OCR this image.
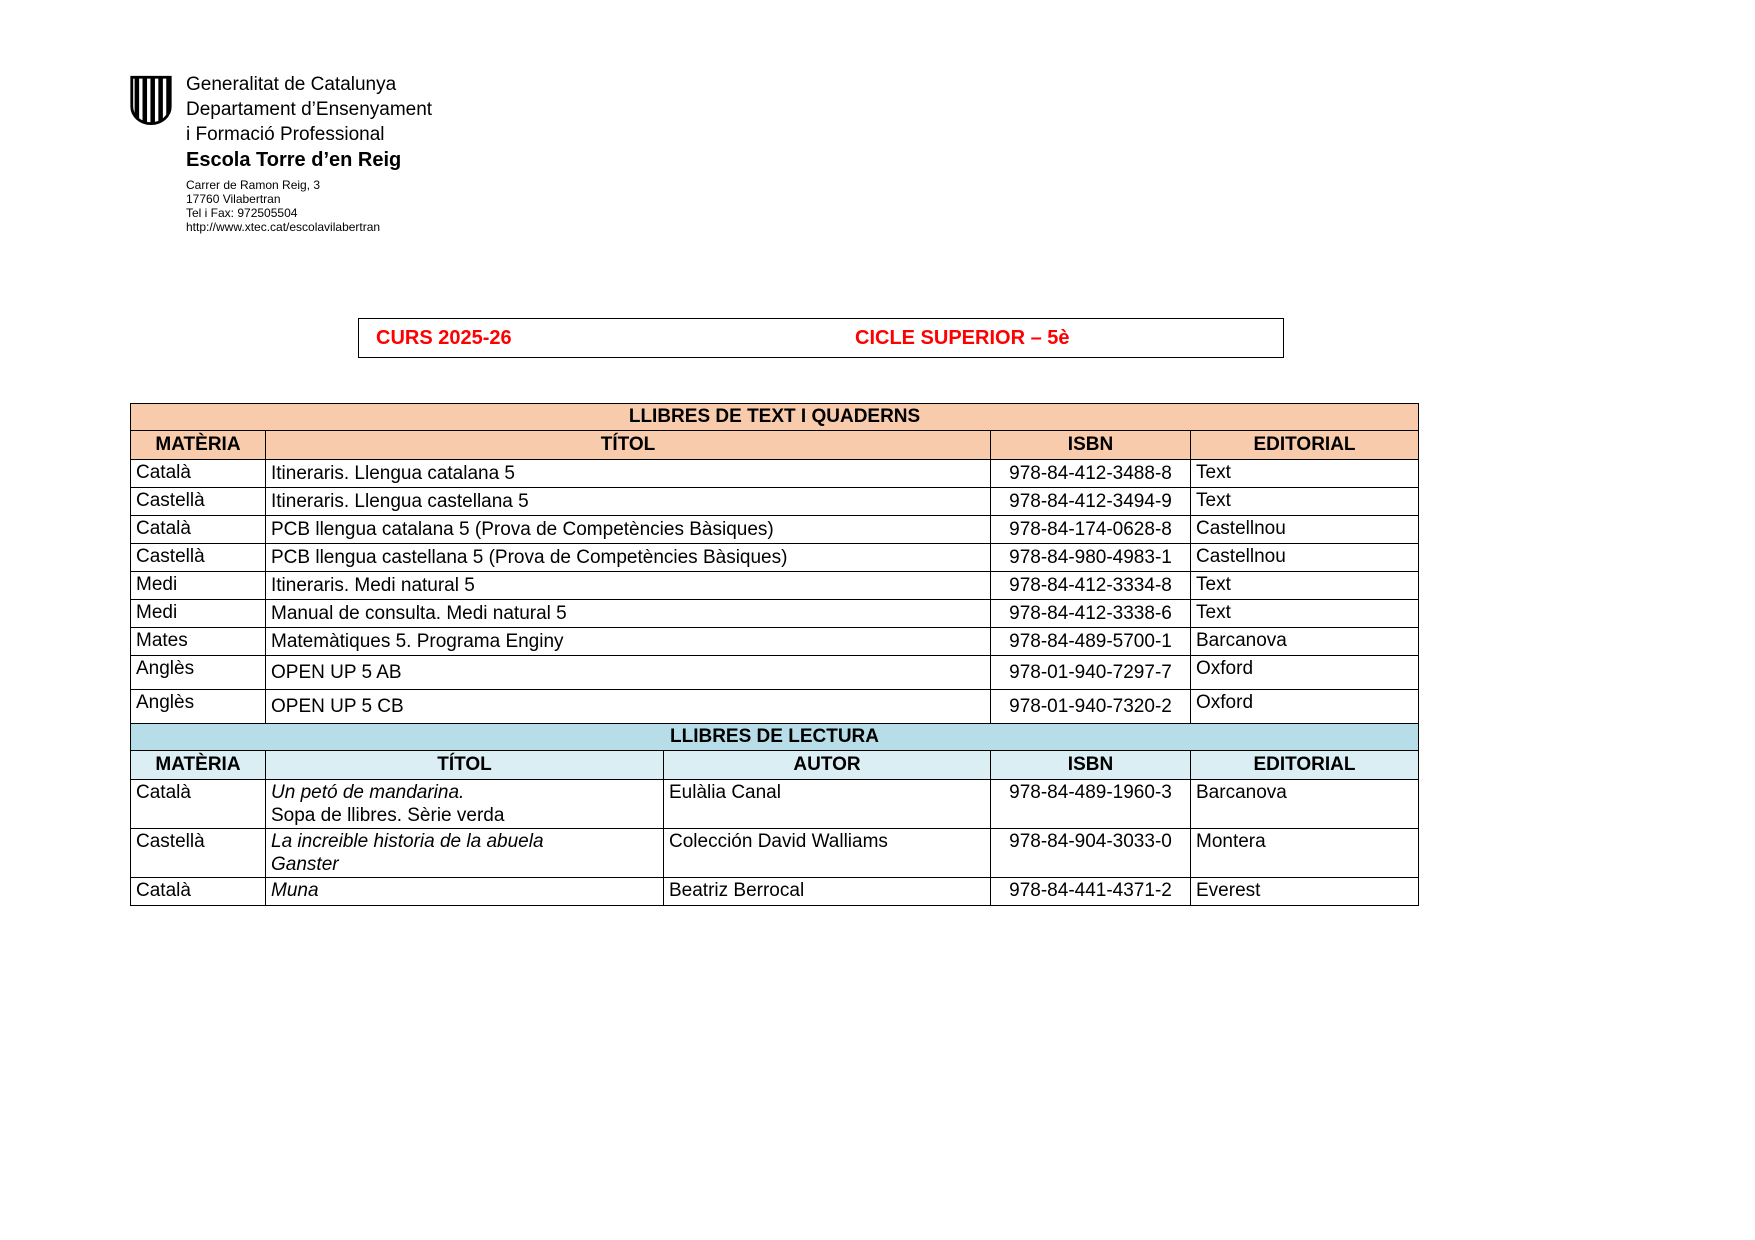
Generalitat de Catalunya
Departament d’Ensenyament
i Formació Professional
Escola Torre d’en Reig
Carrer de Ramon Reig, 3
17760 Vilabertran
Tel i Fax: 972505504
http://www.xtec.cat/escolavilabertran
CURS 2025-26	CICLE SUPERIOR – 5è
LLIBRES DE TEXT I QUADERNS			
MATÈRIA	TÍTOL	ISBN	EDITORIAL
Català	Itineraris. Llengua catalana 5	978-84-412-3488-8	Text
Castellà	Itineraris. Llengua castellana 5	978-84-412-3494-9	Text
Català	PCB llengua catalana 5 (Prova de Competències Bàsiques)	978-84-174-0628-8	Castellnou
Castellà	PCB llengua castellana 5 (Prova de Competències Bàsiques)	978-84-980-4983-1	Castellnou
Medi	Itineraris. Medi natural 5	978-84-412-3334-8	Text
Medi	Manual de consulta. Medi natural 5	978-84-412-3338-6	Text
Mates	Matemàtiques 5. Programa Enginy	978-84-489-5700-1	Barcanova
Anglès	OPEN UP 5 AB	978-01-940-7297-7	Oxford
Anglès	OPEN UP 5 CB	978-01-940-7320-2	Oxford
LLIBRES DE LECTURA				
MATÈRIA	TÍTOL	AUTOR	ISBN	EDITORIAL
Català	Un petó de mandarina.
Sopa de llibres. Sèrie verda	Eulàlia Canal	978-84-489-1960-3	Barcanova
Castellà	La increible historia de la abuela
Ganster	Colección David Walliams	978-84-904-3033-0	Montera
Català	Muna	Beatriz Berrocal	978-84-441-4371-2	Everest
